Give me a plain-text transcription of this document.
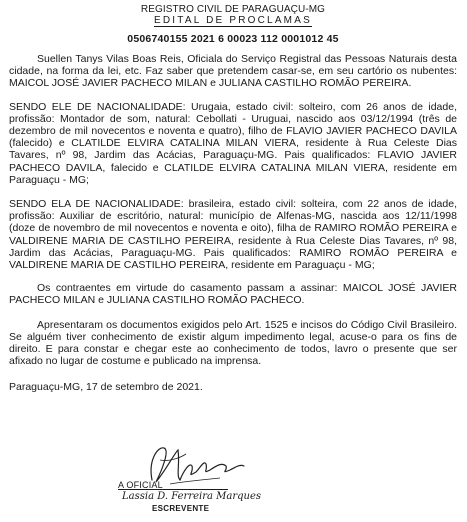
REGISTRO CIVIL DE PARAGUAÇU-MG
EDITAL DE PROCLAMAS
0506740155 2021 6 00023 112 0001012 45

Suellen Tanys Vilas Boas Reis, Oficiala do Serviço Registral das Pessoas Naturais desta cidade, na forma da lei, etc. Faz saber que pretendem casar-se, em seu cartório os nubentes: MAICOL JOSÉ JAVIER PACHECO MILAN e JULIANA CASTILHO ROMÃO PEREIRA.

SENDO ELE DE NACIONALIDADE: Urugaia, estado civil: solteiro, com 26 anos de idade, profissão: Montador de som, natural: Cebollati - Uruguai, nascido aos 03/12/1994 (três de dezembro de mil novecentos e noventa e quatro), filho de FLAVIO JAVIER PACHECO DAVILA (falecido) e CLATILDE ELVIRA CATALINA MILAN VIERA, residente à Rua Celeste Dias Tavares, nº 98, Jardim das Acácias, Paraguaçu-MG. Pais qualificados: FLAVIO JAVIER PACHECO DAVILA, falecido e CLATILDE ELVIRA CATALINA MILAN VIERA, residente em Paraguaçu - MG;

SENDO ELA DE NACIONALIDADE: brasileira, estado civil: solteira, com 22 anos de idade, profissão: Auxiliar de escritório, natural: município de Alfenas-MG, nascida aos 12/11/1998 (doze de novembro de mil novecentos e noventa e oito), filha de RAMIRO ROMÃO PEREIRA e VALDIRENE MARIA DE CASTILHO PEREIRA, residente à Rua Celeste Dias Tavares, nº 98, Jardim das Acácias, Paraguaçu-MG. Pais qualificados: RAMIRO ROMÃO PEREIRA e VALDIRENE MARIA DE CASTILHO PEREIRA, residente em Paraguaçu - MG;

Os contraentes em virtude do casamento passam a assinar: MAICOL JOSÉ JAVIER PACHECO MILAN e JULIANA CASTILHO ROMÃO PACHECO.

Apresentaram os documentos exigidos pelo Art. 1525 e incisos do Código Civil Brasileiro. Se alguém tiver conhecimento de existir algum impedimento legal, acuse-o para os fins de direito. E para constar e chegar este ao conhecimento de todos, lavro o presente que ser afixado no lugar de costume e publicado na imprensa.

Paraguaçu-MG, 17 de setembro de 2021.

A OFICIAL
Lassia D. Ferreira Marques
ESCREVENTE
